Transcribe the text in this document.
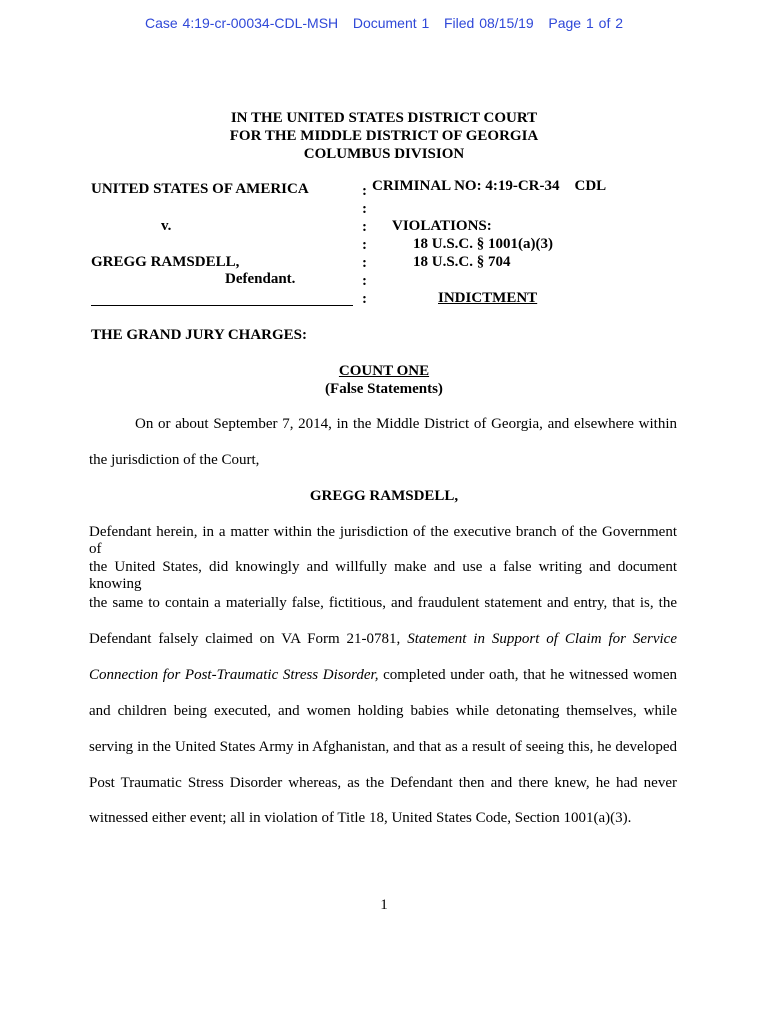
Case 4:19-cr-00034-CDL-MSH Document 1 Filed 08/15/19 Page 1 of 2
IN THE UNITED STATES DISTRICT COURT
FOR THE MIDDLE DISTRICT OF GEORGIA
COLUMBUS DIVISION
UNITED STATES OF AMERICA
v.
GREGG RAMSDELL,
Defendant.
:
:
:
:
:
:
:
CRIMINAL NO: 4:19-CR-34 CDL
VIOLATIONS:
18 U.S.C. § 1001(a)(3)
18 U.S.C. § 704
INDICTMENT
THE GRAND JURY CHARGES:
COUNT ONE
(False Statements)
On or about September 7, 2014, in the Middle District of Georgia, and elsewhere within
the jurisdiction of the Court,
GREGG RAMSDELL,
Defendant herein, in a matter within the jurisdiction of the executive branch of the Government of
the United States, did knowingly and willfully make and use a false writing and document knowing
the same to contain a materially false, fictitious, and fraudulent statement and entry, that is, the
Defendant falsely claimed on VA Form 21-0781, Statement in Support of Claim for Service
Connection for Post-Traumatic Stress Disorder, completed under oath, that he witnessed women
and children being executed, and women holding babies while detonating themselves, while
serving in the United States Army in Afghanistan, and that as a result of seeing this, he developed
Post Traumatic Stress Disorder whereas, as the Defendant then and there knew, he had never
witnessed either event; all in violation of Title 18, United States Code, Section 1001(a)(3).
1
